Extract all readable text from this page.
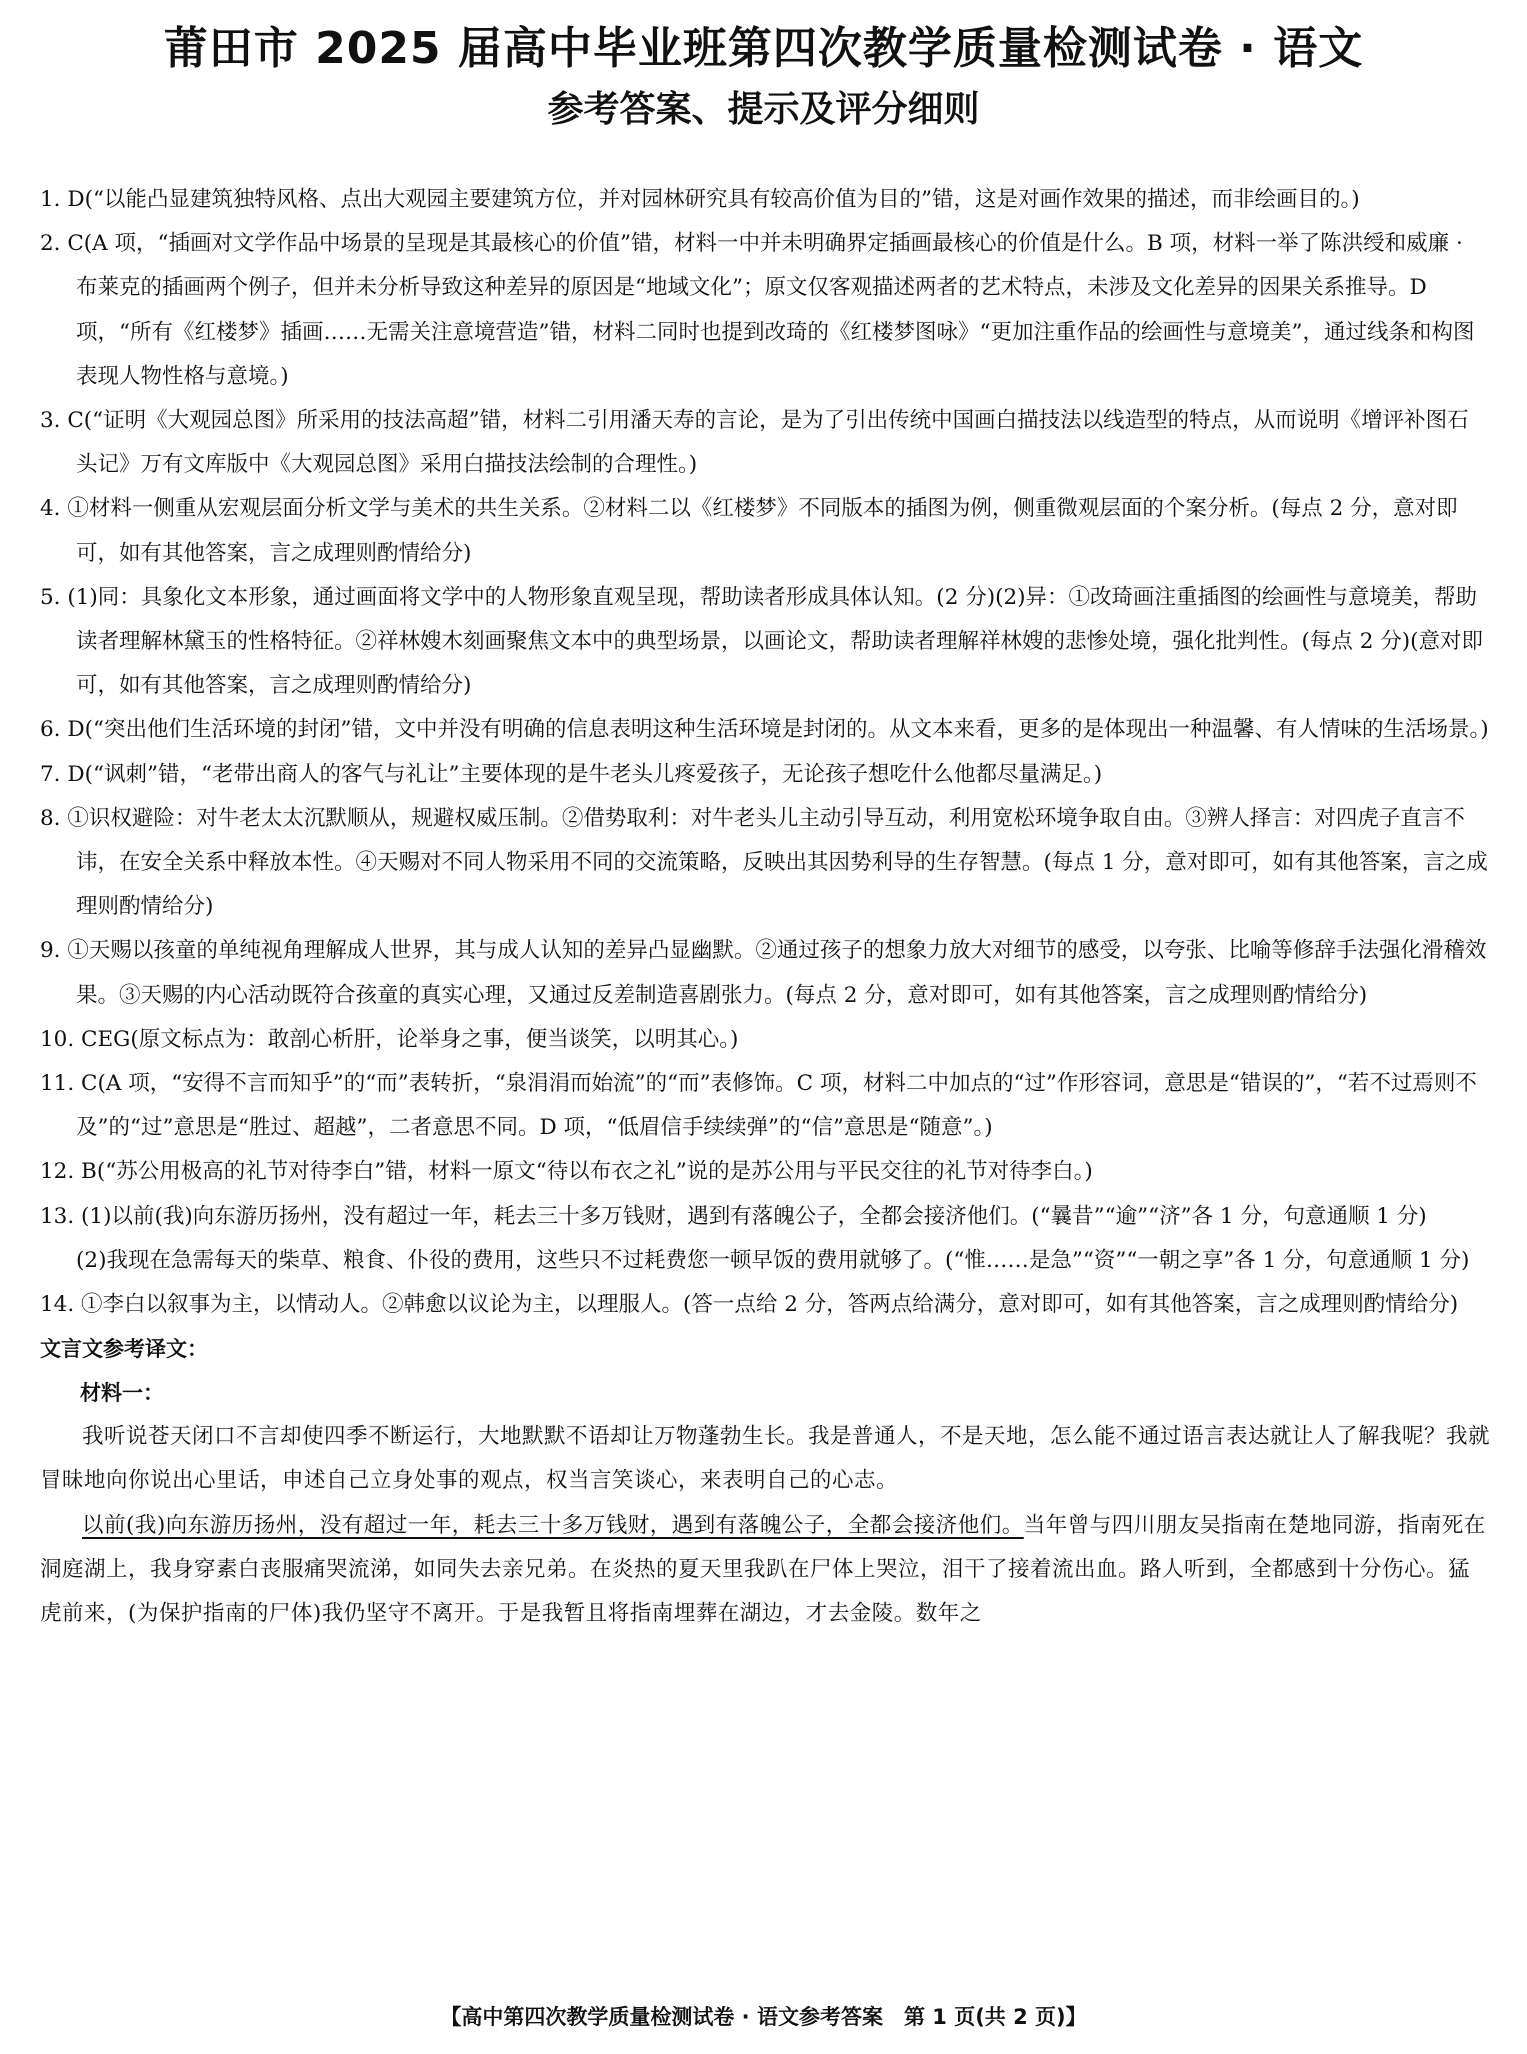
莆田市 2025 届高中毕业班第四次教学质量检测试卷 · 语文
参考答案、提示及评分细则

1. D(“以能凸显建筑独特风格、点出大观园主要建筑方位，并对园林研究具有较高价值为目的”错，这是对画作效果的描述，而非绘画目的。)

2. C(A 项，“插画对文学作品中场景的呈现是其最核心的价值”错，材料一中并未明确界定插画最核心的价值是什么。B 项，材料一举了陈洪绶和威廉 · 布莱克的插画两个例子，但并未分析导致这种差异的原因是“地域文化”；原文仅客观描述两者的艺术特点，未涉及文化差异的因果关系推导。D 项，“所有《红楼梦》插画……无需关注意境营造”错，材料二同时也提到改琦的《红楼梦图咏》“更加注重作品的绘画性与意境美”，通过线条和构图表现人物性格与意境。)

3. C(“证明《大观园总图》所采用的技法高超”错，材料二引用潘天寿的言论，是为了引出传统中国画白描技法以线造型的特点，从而说明《增评补图石头记》万有文库版中《大观园总图》采用白描技法绘制的合理性。)

4. ①材料一侧重从宏观层面分析文学与美术的共生关系。②材料二以《红楼梦》不同版本的插图为例，侧重微观层面的个案分析。(每点 2 分，意对即可，如有其他答案，言之成理则酌情给分)

5. (1)同：具象化文本形象，通过画面将文学中的人物形象直观呈现，帮助读者形成具体认知。(2 分)(2)异：①改琦画注重插图的绘画性与意境美，帮助读者理解林黛玉的性格特征。②祥林嫂木刻画聚焦文本中的典型场景，以画论文，帮助读者理解祥林嫂的悲惨处境，强化批判性。(每点 2 分)(意对即可，如有其他答案，言之成理则酌情给分)

6. D(“突出他们生活环境的封闭”错，文中并没有明确的信息表明这种生活环境是封闭的。从文本来看，更多的是体现出一种温馨、有人情味的生活场景。)

7. D(“讽刺”错，“老带出商人的客气与礼让”主要体现的是牛老头儿疼爱孩子，无论孩子想吃什么他都尽量满足。)

8. ①识权避险：对牛老太太沉默顺从，规避权威压制。②借势取利：对牛老头儿主动引导互动，利用宽松环境争取自由。③辨人择言：对四虎子直言不讳，在安全关系中释放本性。④天赐对不同人物采用不同的交流策略，反映出其因势利导的生存智慧。(每点 1 分，意对即可，如有其他答案，言之成理则酌情给分)

9. ①天赐以孩童的单纯视角理解成人世界，其与成人认知的差异凸显幽默。②通过孩子的想象力放大对细节的感受，以夸张、比喻等修辞手法强化滑稽效果。③天赐的内心活动既符合孩童的真实心理，又通过反差制造喜剧张力。(每点 2 分，意对即可，如有其他答案，言之成理则酌情给分)

10. CEG(原文标点为：敢剖心析肝，论举身之事，便当谈笑，以明其心。)

11. C(A 项，“安得不言而知乎”的“而”表转折，“泉涓涓而始流”的“而”表修饰。C 项，材料二中加点的“过”作形容词，意思是“错误的”，“若不过焉则不及”的“过”意思是“胜过、超越”，二者意思不同。D 项，“低眉信手续续弹”的“信”意思是“随意”。)

12. B(“苏公用极高的礼节对待李白”错，材料一原文“待以布衣之礼”说的是苏公用与平民交往的礼节对待李白。)

13. (1)以前(我)向东游历扬州，没有超过一年，耗去三十多万钱财，遇到有落魄公子，全都会接济他们。(“曩昔”“逾”“济”各 1 分，句意通顺 1 分)

(2)我现在急需每天的柴草、粮食、仆役的费用，这些只不过耗费您一顿早饭的费用就够了。(“惟……是急”“资”“一朝之享”各 1 分，句意通顺 1 分)

14. ①李白以叙事为主，以情动人。②韩愈以议论为主，以理服人。(答一点给 2 分，答两点给满分，意对即可，如有其他答案，言之成理则酌情给分)

文言文参考译文：

材料一：

我听说苍天闭口不言却使四季不断运行，大地默默不语却让万物蓬勃生长。我是普通人，不是天地，怎么能不通过语言表达就让人了解我呢？我就冒昧地向你说出心里话，申述自己立身处事的观点，权当言笑谈心，来表明自己的心志。

以前(我)向东游历扬州，没有超过一年，耗去三十多万钱财，遇到有落魄公子，全都会接济他们。当年曾与四川朋友吴指南在楚地同游，指南死在洞庭湖上，我身穿素白丧服痛哭流涕，如同失去亲兄弟。在炎热的夏天里我趴在尸体上哭泣，泪干了接着流出血。路人听到，全都感到十分伤心。猛虎前来，(为保护指南的尸体)我仍坚守不离开。于是我暂且将指南埋葬在湖边，才去金陵。数年之

【高中第四次教学质量检测试卷 · 语文参考答案　第 1 页(共 2 页)】
